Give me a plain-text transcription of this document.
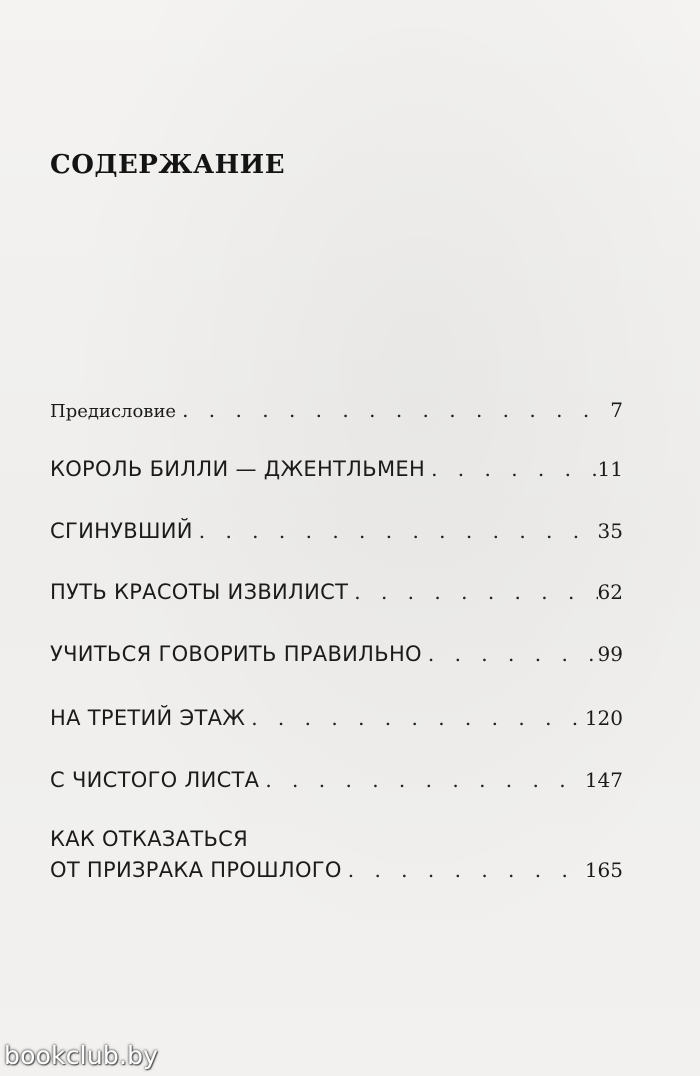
СОДЕРЖАНИЕ
Предисловие . . .	7
КОРОЛЬ БИЛЛИ — ДЖЕНТЛЬМЕН . . .	11
СГИНУВШИЙ . . .	35
ПУТЬ КРАСОТЫ ИЗВИЛИСТ . . .	62
УЧИТЬСЯ ГОВОРИТЬ ПРАВИЛЬНО . . .	99
НА ТРЕТИЙ ЭТАЖ . . .	120
С ЧИСТОГО ЛИСТА . . .	147
КАК ОТКАЗАТЬСЯ
ОТ ПРИЗРАКА ПРОШЛОГО . . .	165
bookclub.by
